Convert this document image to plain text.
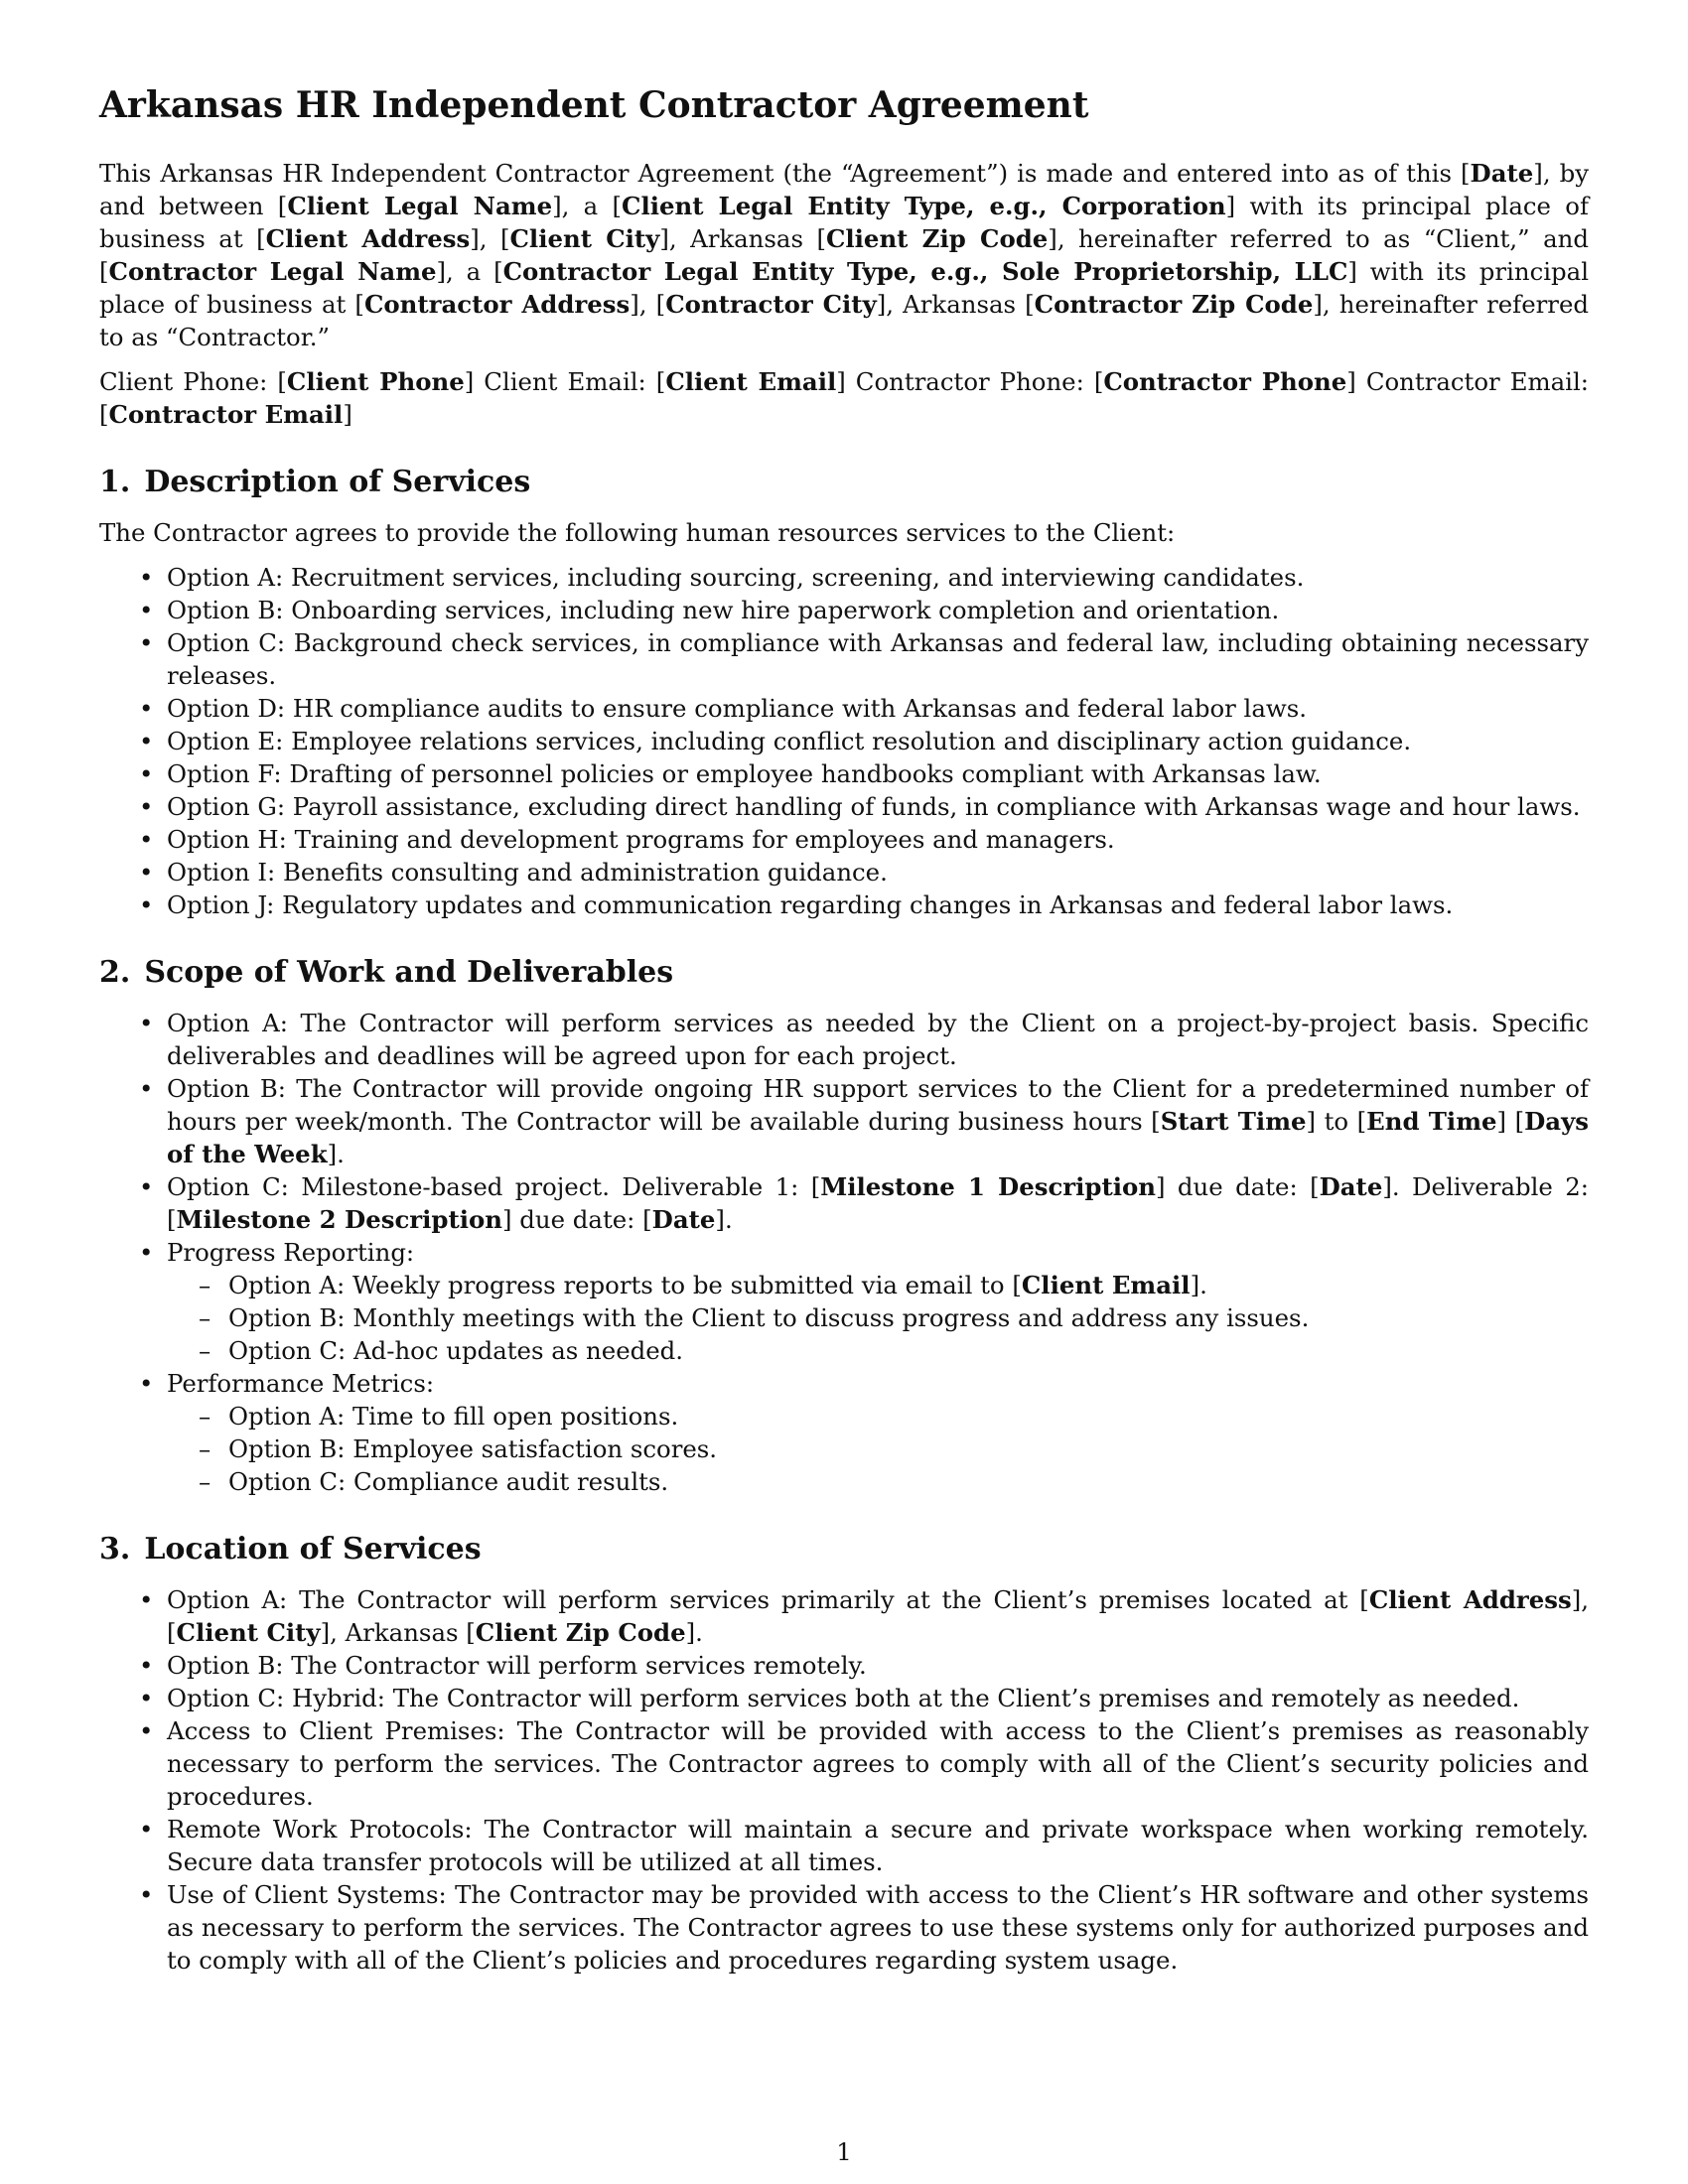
Arkansas HR Independent Contractor Agreement

This Arkansas HR Independent Contractor Agreement (the “Agreement”) is made and entered into as of this [Date], by and between [Client Legal Name], a [Client Legal Entity Type, e.g., Corporation] with its principal place of business at [Client Address], [Client City], Arkansas [Client Zip Code], hereinafter referred to as “Client,” and [Contractor Legal Name], a [Contractor Legal Entity Type, e.g., Sole Proprietorship, LLC] with its principal place of business at [Contractor Address], [Contractor City], Arkansas [Contractor Zip Code], hereinafter referred to as “Contractor.”

Client Phone: [Client Phone] Client Email: [Client Email] Contractor Phone: [Contractor Phone] Contractor Email: [Contractor Email]

1. Description of Services

The Contractor agrees to provide the following human resources services to the Client:

• Option A: Recruitment services, including sourcing, screening, and interviewing candidates.
• Option B: Onboarding services, including new hire paperwork completion and orientation.
• Option C: Background check services, in compliance with Arkansas and federal law, including obtaining necessary releases.
• Option D: HR compliance audits to ensure compliance with Arkansas and federal labor laws.
• Option E: Employee relations services, including conflict resolution and disciplinary action guidance.
• Option F: Drafting of personnel policies or employee handbooks compliant with Arkansas law.
• Option G: Payroll assistance, excluding direct handling of funds, in compliance with Arkansas wage and hour laws.
• Option H: Training and development programs for employees and managers.
• Option I: Benefits consulting and administration guidance.
• Option J: Regulatory updates and communication regarding changes in Arkansas and federal labor laws.
2. Scope of Work and Deliverables
• Option A: The Contractor will perform services as needed by the Client on a project-by-project basis. Specific deliverables and deadlines will be agreed upon for each project.
• Option B: The Contractor will provide ongoing HR support services to the Client for a predetermined number of hours per week/month. The Contractor will be available during business hours [Start Time] to [End Time] [Days of the Week].
• Option C: Milestone-based project. Deliverable 1: [Milestone 1 Description] due date: [Date]. Deliverable 2: [Milestone 2 Description] due date: [Date].
• Progress Reporting:
– Option A: Weekly progress reports to be submitted via email to [Client Email].
– Option B: Monthly meetings with the Client to discuss progress and address any issues.
– Option C: Ad-hoc updates as needed.
• Performance Metrics:
– Option A: Time to fill open positions.
– Option B: Employee satisfaction scores.
– Option C: Compliance audit results.
3. Location of Services
• Option A: The Contractor will perform services primarily at the Client’s premises located at [Client Address], [Client City], Arkansas [Client Zip Code].
• Option B: The Contractor will perform services remotely.
• Option C: Hybrid: The Contractor will perform services both at the Client’s premises and remotely as needed.
• Access to Client Premises: The Contractor will be provided with access to the Client’s premises as reasonably necessary to perform the services. The Contractor agrees to comply with all of the Client’s security policies and procedures.
• Remote Work Protocols: The Contractor will maintain a secure and private workspace when working remotely. Secure data transfer protocols will be utilized at all times.
• Use of Client Systems: The Contractor may be provided with access to the Client’s HR software and other systems as necessary to perform the services. The Contractor agrees to use these systems only for authorized purposes and to comply with all of the Client’s policies and procedures regarding system usage.
1
